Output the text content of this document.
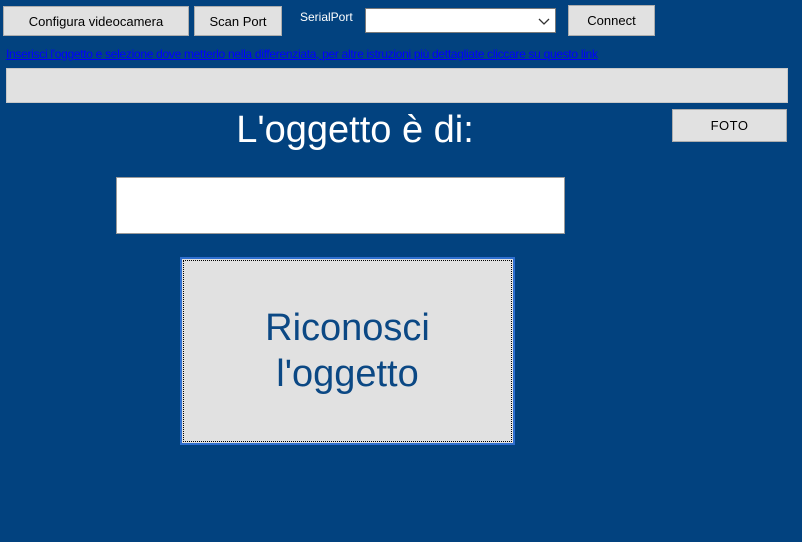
Configura videocamera	Scan Port	SerialPort	Connect
Inserisci l'oggetto e selezione dove metterlo nella differenziata, per altre istruzioni più dettagliate cliccare su questo link
L'oggetto è di:	FOTO
Riconosci l'oggetto
